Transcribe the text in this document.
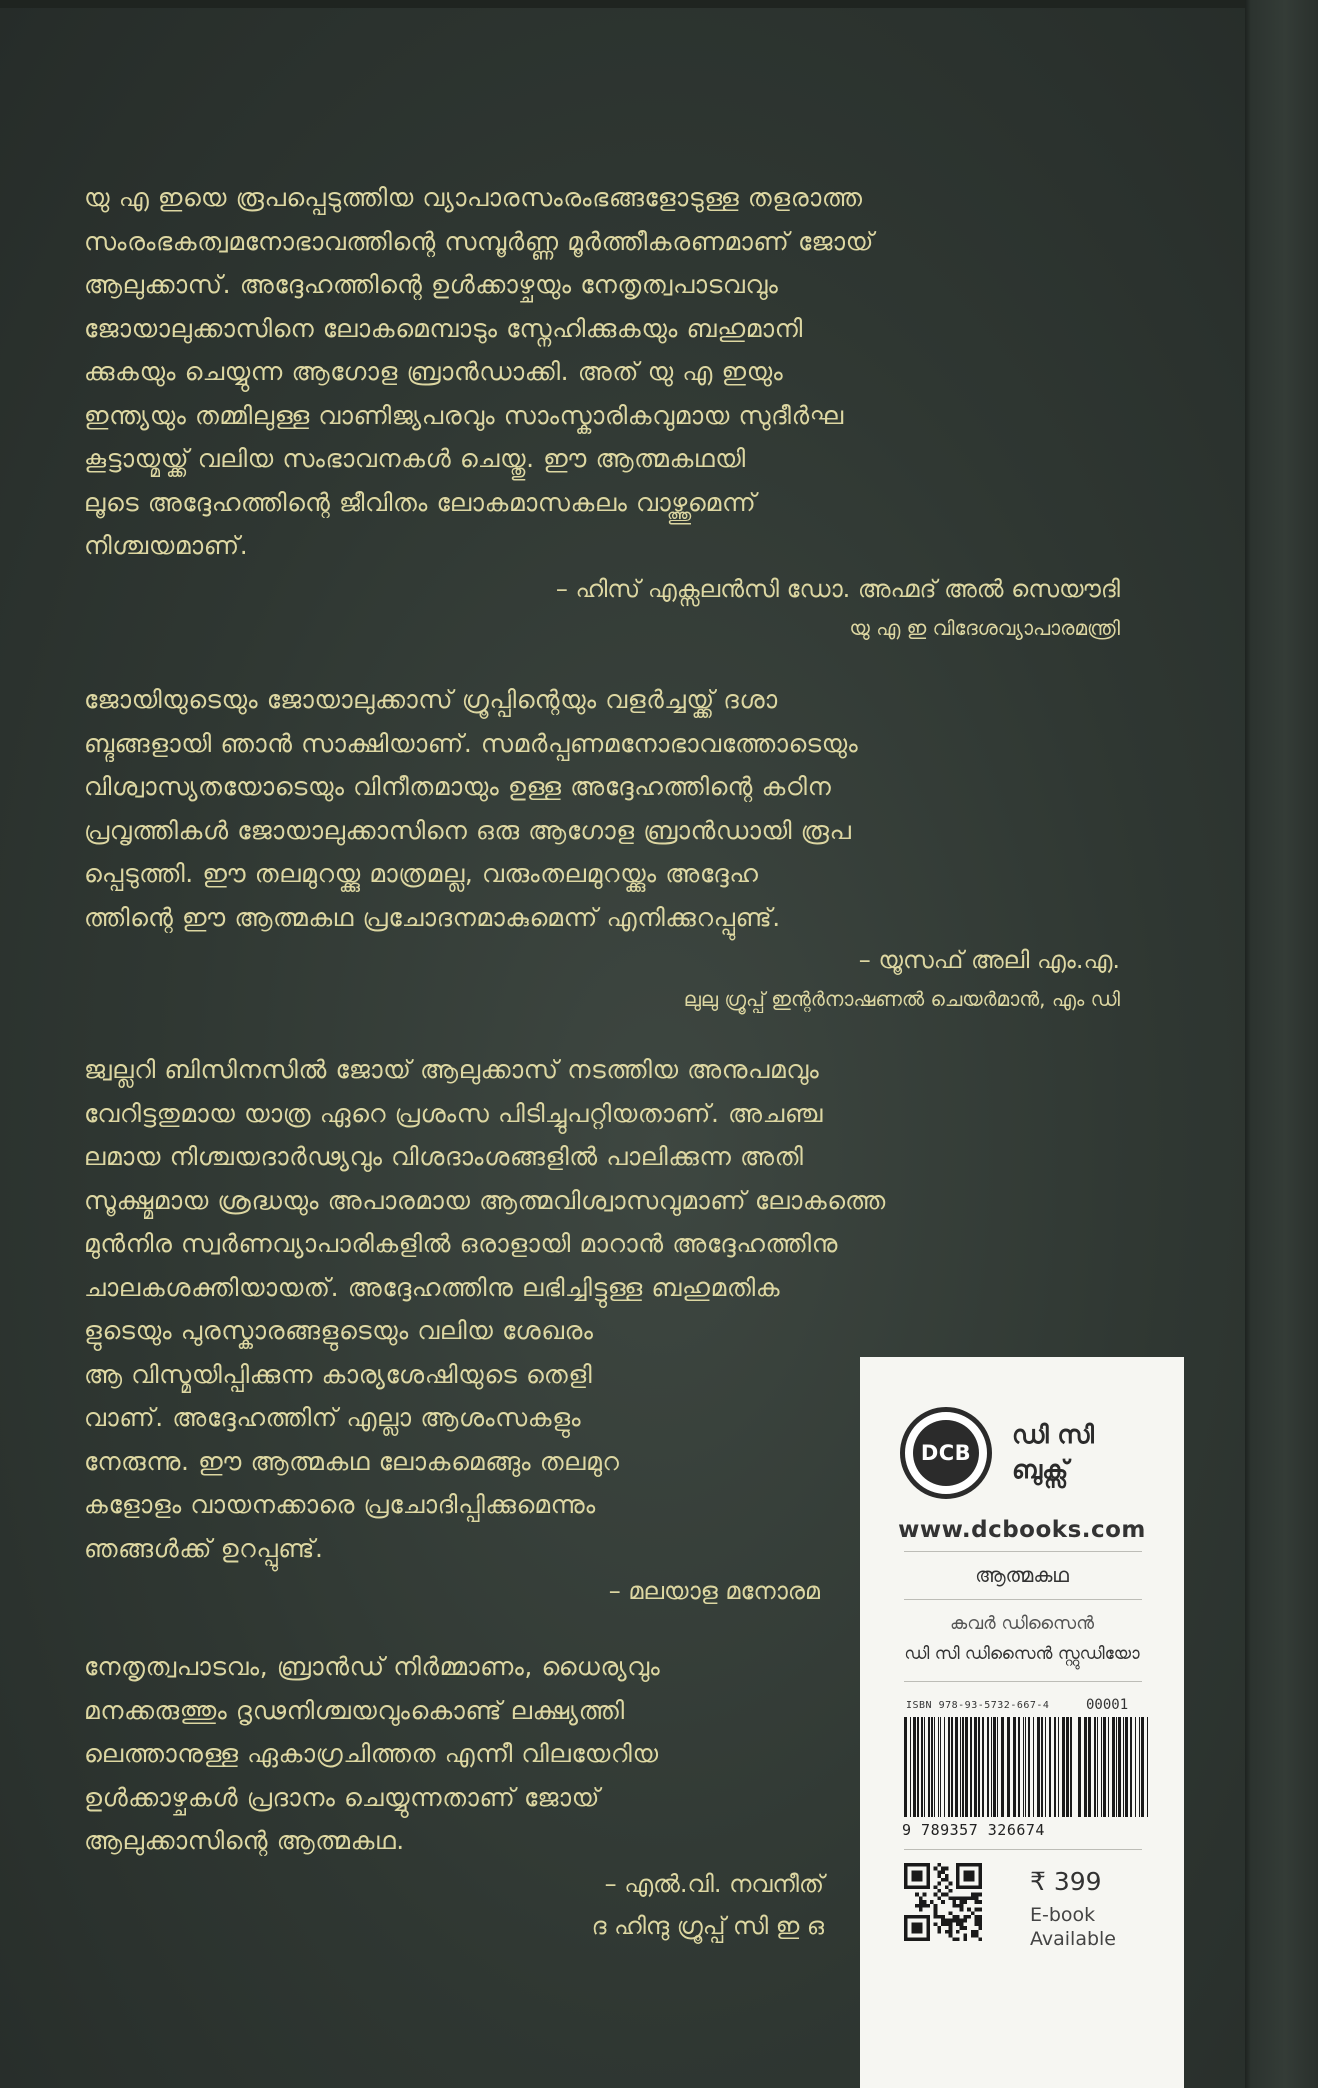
യു എ ഇയെ രൂപപ്പെടുത്തിയ വ്യാപാരസംരംഭങ്ങളോടുള്ള തളരാത്ത
സംരംഭകത്വമനോഭാവത്തിന്റെ സമ്പൂർണ്ണ മൂർത്തീകരണമാണ് ജോയ്
ആലുക്കാസ്. അദ്ദേഹത്തിന്റെ ഉൾക്കാഴ്ചയും നേതൃത്വപാടവവും
ജോയാലുക്കാസിനെ ലോകമെമ്പാടും സ്നേഹിക്കുകയും ബഹുമാനി
ക്കുകയും ചെയ്യുന്ന ആഗോള ബ്രാൻഡാക്കി. അത് യു എ ഇയും
ഇന്ത്യയും തമ്മിലുള്ള വാണിജ്യപരവും സാംസ്കാരികവുമായ സുദീർഘ
കൂട്ടായ്മയ്ക്ക് വലിയ സംഭാവനകൾ ചെയ്തു. ഈ ആത്മകഥയി
ലൂടെ അദ്ദേഹത്തിന്റെ ജീവിതം ലോകമാസകലം വാഴ്ത്തുമെന്ന്
നിശ്ചയമാണ്.
– ഹിസ് എക്സലൻസി ഡോ. അഹ്മദ് അൽ സെയൗദി
യു എ ഇ വിദേശവ്യാപാരമന്ത്രി
ജോയിയുടെയും ജോയാലുക്കാസ് ഗ്രൂപ്പിന്റെയും വളർച്ചയ്ക്ക് ദശാ
ബ്ദങ്ങളായി ഞാൻ സാക്ഷിയാണ്. സമർപ്പണമനോഭാവത്തോടെയും
വിശ്വാസ്യതയോടെയും വിനീതമായും ഉള്ള അദ്ദേഹത്തിന്റെ കഠിന
പ്രവൃത്തികൾ ജോയാലുക്കാസിനെ ഒരു ആഗോള ബ്രാൻഡായി രൂപ
പ്പെടുത്തി. ഈ തലമുറയ്ക്കു മാത്രമല്ല, വരുംതലമുറയ്ക്കും അദ്ദേഹ
ത്തിന്റെ ഈ ആത്മകഥ പ്രചോദനമാകുമെന്ന് എനിക്കുറപ്പുണ്ട്.
– യൂസഫ് അലി എം.എ.
ലുലു ഗ്രൂപ്പ് ഇന്റർനാഷണൽ ചെയർമാൻ, എം ഡി
ജ്വല്ലറി ബിസിനസിൽ ജോയ് ആലുക്കാസ് നടത്തിയ അനുപമവും
വേറിട്ടതുമായ യാത്ര ഏറെ പ്രശംസ പിടിച്ചുപറ്റിയതാണ്. അചഞ്ച
ലമായ നിശ്ചയദാർഢ്യവും വിശദാംശങ്ങളിൽ പാലിക്കുന്ന അതി
സൂക്ഷ്മമായ ശ്രദ്ധയും അപാരമായ ആത്മവിശ്വാസവുമാണ് ലോകത്തെ
മുൻനിര സ്വർണവ്യാപാരികളിൽ ഒരാളായി മാറാൻ അദ്ദേഹത്തിനു
ചാലകശക്തിയായത്. അദ്ദേഹത്തിനു ലഭിച്ചിട്ടുള്ള ബഹുമതിക
ളുടെയും പുരസ്കാരങ്ങളുടെയും വലിയ ശേഖരം
ആ വിസ്മയിപ്പിക്കുന്ന കാര്യശേഷിയുടെ തെളി
വാണ്. അദ്ദേഹത്തിന് എല്ലാ ആശംസകളും
നേരുന്നു. ഈ ആത്മകഥ ലോകമെങ്ങും തലമുറ
കളോളം വായനക്കാരെ പ്രചോദിപ്പിക്കുമെന്നും
ഞങ്ങൾക്ക് ഉറപ്പുണ്ട്.
– മലയാള മനോരമ
നേതൃത്വപാടവം, ബ്രാൻഡ് നിർമ്മാണം, ധൈര്യവും
മനക്കരുത്തും ദൃഢനിശ്ചയവുംകൊണ്ട് ലക്ഷ്യത്തി
ലെത്താനുള്ള ഏകാഗ്രചിത്തത എന്നീ വിലയേറിയ
ഉൾക്കാഴ്ചകൾ പ്രദാനം ചെയ്യുന്നതാണ് ജോയ്
ആലുക്കാസിന്റെ ആത്മകഥ.
– എൽ.വി. നവനീത്
ദ ഹിന്ദു ഗ്രൂപ്പ് സി ഇ ഒ
DCB
ഡി സി
ബുക്സ്
www.dcbooks.com
ആത്മകഥ
കവർ ഡിസൈൻ
ഡി സി ഡിസൈൻ സ്റ്റുഡിയോ
ISBN 978-93-5732-667-4	00001
9 789357 326674
₹ 399
E-book
Available
